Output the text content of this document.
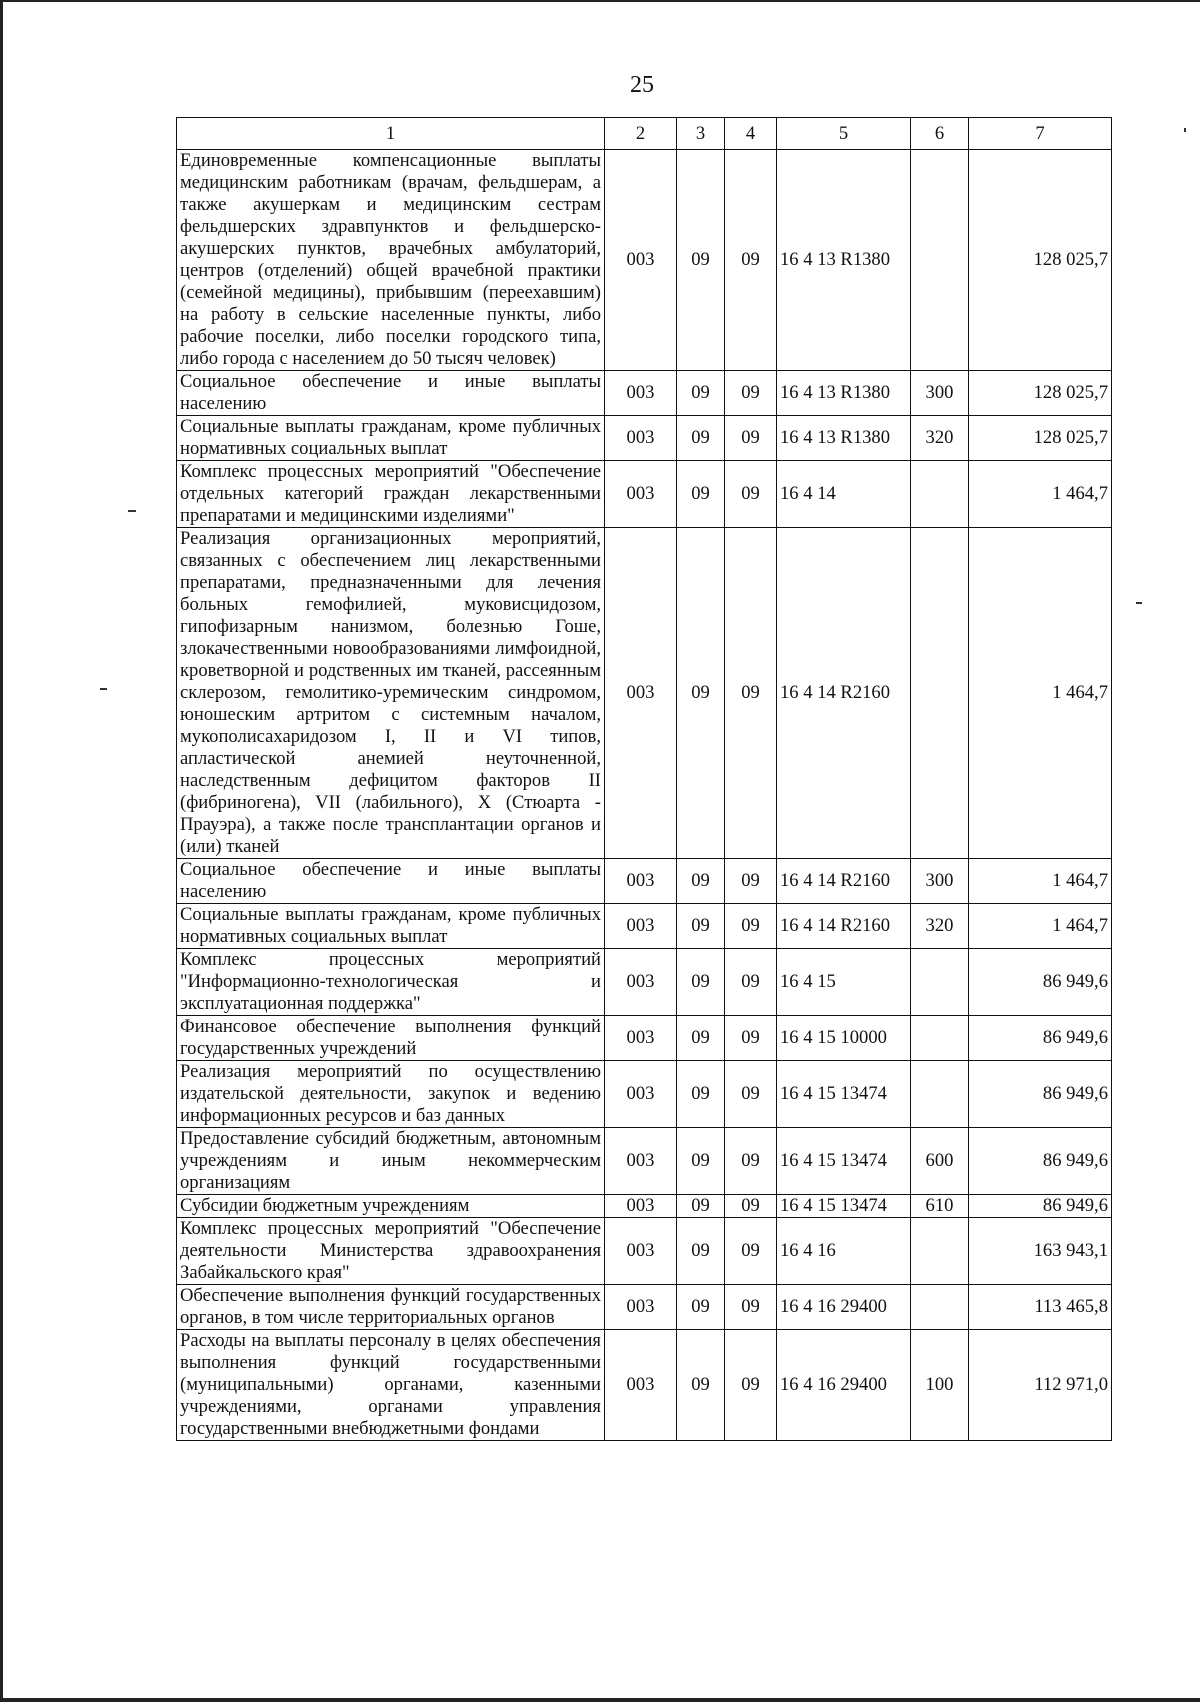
25
1	2	3	4	5	6	7
Единовременные компенсационные выплаты медицинским работникам (врачам, фельдшерам, а также акушеркам и медицинским сестрам фельдшерских здравпунктов и фельдшерско-акушерских пунктов, врачебных амбулаторий, центров (отделений) общей врачебной практики (семейной медицины), прибывшим (переехавшим) на работу в сельские населенные пункты, либо рабочие поселки, либо поселки городского типа, либо города с населением до 50 тысяч человек)	003	09	09	16 4 13 R1380		128 025,7
Социальное обеспечение и иные выплаты населению	003	09	09	16 4 13 R1380	300	128 025,7
Социальные выплаты гражданам, кроме публичных нормативных социальных выплат	003	09	09	16 4 13 R1380	320	128 025,7
Комплекс процессных мероприятий "Обеспечение отдельных категорий граждан лекарственными препаратами и медицинскими изделиями"	003	09	09	16 4 14		1 464,7
Реализация организационных мероприятий, связанных с обеспечением лиц лекарственными препаратами, предназначенными для лечения больных гемофилией, муковисцидозом, гипофизарным нанизмом, болезнью Гоше, злокачественными новообразованиями лимфоидной, кроветворной и родственных им тканей, рассеянным склерозом, гемолитико-уремическим синдромом, юношеским артритом с системным началом, мукополисахаридозом I, II и VI типов, апластической анемией неуточненной, наследственным дефицитом факторов II (фибриногена), VII (лабильного), X (Стюарта - Прауэра), а также после трансплантации органов и (или) тканей	003	09	09	16 4 14 R2160		1 464,7
Социальное обеспечение и иные выплаты населению	003	09	09	16 4 14 R2160	300	1 464,7
Социальные выплаты гражданам, кроме публичных нормативных социальных выплат	003	09	09	16 4 14 R2160	320	1 464,7
Комплекс процессных мероприятий "Информационно-технологическая и эксплуатационная поддержка"	003	09	09	16 4 15		86 949,6
Финансовое обеспечение выполнения функций государственных учреждений	003	09	09	16 4 15 10000		86 949,6
Реализация мероприятий по осуществлению издательской деятельности, закупок и ведению информационных ресурсов и баз данных	003	09	09	16 4 15 13474		86 949,6
Предоставление субсидий бюджетным, автономным учреждениям и иным некоммерческим организациям	003	09	09	16 4 15 13474	600	86 949,6
Субсидии бюджетным учреждениям	003	09	09	16 4 15 13474	610	86 949,6
Комплекс процессных мероприятий "Обеспечение деятельности Министерства здравоохранения Забайкальского края"	003	09	09	16 4 16		163 943,1
Обеспечение выполнения функций государственных органов, в том числе территориальных органов	003	09	09	16 4 16 29400		113 465,8
Расходы на выплаты персоналу в целях обеспечения выполнения функций государственными (муниципальными) органами, казенными учреждениями, органами управления государственными внебюджетными фондами	003	09	09	16 4 16 29400	100	112 971,0
